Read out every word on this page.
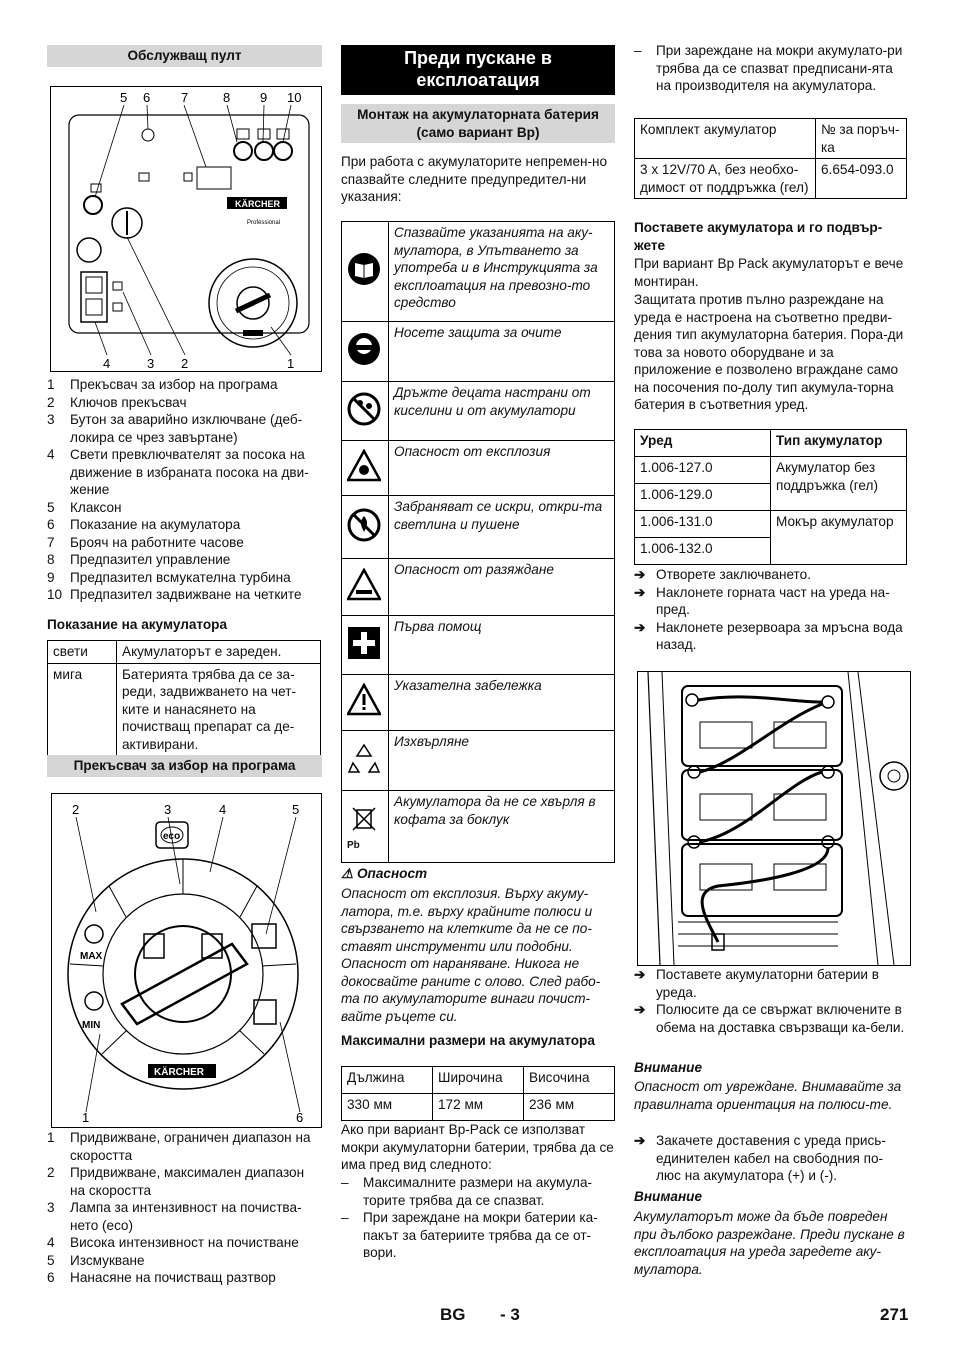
Обслужващ пулт
5 6 7	8 9 10
KÄRCHER
Professional
4	3 2	1
1 Прекъсвач за избор на програма
2 Ключов прекъсвач
3 Бутон за аварийно изключване (деб-локира се чрез завъртане)
4 Свети превключвателят за посока на движение в избраната посока на дви-жение
5 Клаксон
6 Показание на акумулатора
7 Брояч на работните часове
8 Предпазител управление
9 Предпазител всмукателна турбина
10 Предпазител задвижване на четките
Показание на акумулатора
свети	Акумулаторът е зареден.
мига	Батерията трябва да се за-реди, задвижването на чет-ките и нанасянето на почистващ препарат са де-активирани.
Прекъсвач за избор на програма
2	3	4	5
1	6
eco
MAX
MIN
KÄRCHER
1 Придвижване, ограничен диапазон на скоростта
2 Придвижване, максимален диапазон на скоростта
3 Лампа за интензивност на почиства-нето (eco)
4 Висока интензивност на почистване
5 Изсмукване
6 Нанасяне на почистващ разтвор
Преди пускане в експлоатация
Монтаж на акумулаторната батерия (само вариант Bp)
При работа с акумулаторите непремен-но спазвайте следните предупредител-ни указания:
	Спазвайте указанията на аку-мулатора, в Упътването за употреба и в Инструкцията за експлоатация на превозно-то средство
	Носете защита за очите
	Дръжте децата настрани от киселини и от акумулатори
	Опасност от експлозия
	Забраняват се искри, откри-та светлина и пушене
	Опасност от разяждане
	Първа помощ
	Указателна забележка
	Изхвърляне

Pb	Акумулатора да не се хвърля в кофата за боклук
⚠ Опасност
Опасност от експлозия. Върху акуму-латора, т.е. върху крайните полюси и свързването на клетките да не се по-ставят инструменти или подобни. Опасност от нараняване. Никога не докосвайте раните с олово. След рабо-та по акумулаторите винаги почист-вайте ръцете си.
Максимални размери на акумулатора
Дължина	Широчина	Височина
330 мм	172 мм	236 мм
Ако при вариант Bp-Pack се използват мокри акумулаторни батерии, трябва да се има пред вид следното:
– Максималните размери на акумула-торите трябва да се спазват.
– При зареждане на мокри батерии ка-пакът за батериите трябва да се от-вори.
– При зареждане на мокри акумулато-ри трябва да се спазват предписани-ята на производителя на акумулатора.
Комплект акумулатор	№ за поръч-ка
3 x 12V/70 A, без необхо-димост от поддръжка (гел)	6.654-093.0
Поставете акумулатора и го подвър-жете
При вариант Bp Pack акумулаторът е вече монтиран.
Защитата против пълно разреждане на уреда е настроена на съответно предви-дения тип акумулаторна батерия. Пора-ди това за новото оборудване и за приложение е позволено вграждане само на посочения по-долу тип акумула-торна батерия в съответния уред.
Уред	Тип акумулатор
1.006-127.0	Акумулатор без поддръжка (гел)
1.006-129.0	
1.006-131.0	Мокър акумулатор
1.006-132.0	
➔ Отворете заключването.
➔ Наклонете горната част на уреда на-пред.
➔ Наклонете резервоара за мръсна вода назад.
➔ Поставете акумулаторни батерии в уреда.
➔ Полюсите да се свържат включените в обема на доставка свързващи ка-бели.
Внимание
Опасност от увреждане. Внимавайте за правилната ориентация на полюси-те.
➔ Закачете доставения с уреда прись-единителен кабел на свободния по-люс на акумулатора (+) и (-).
Внимание
Акумулаторът може да бъде повреден при дълбоко разреждане. Преди пускане в експлоатация на уреда заредете аку-мулатора.
BG - 3	271
